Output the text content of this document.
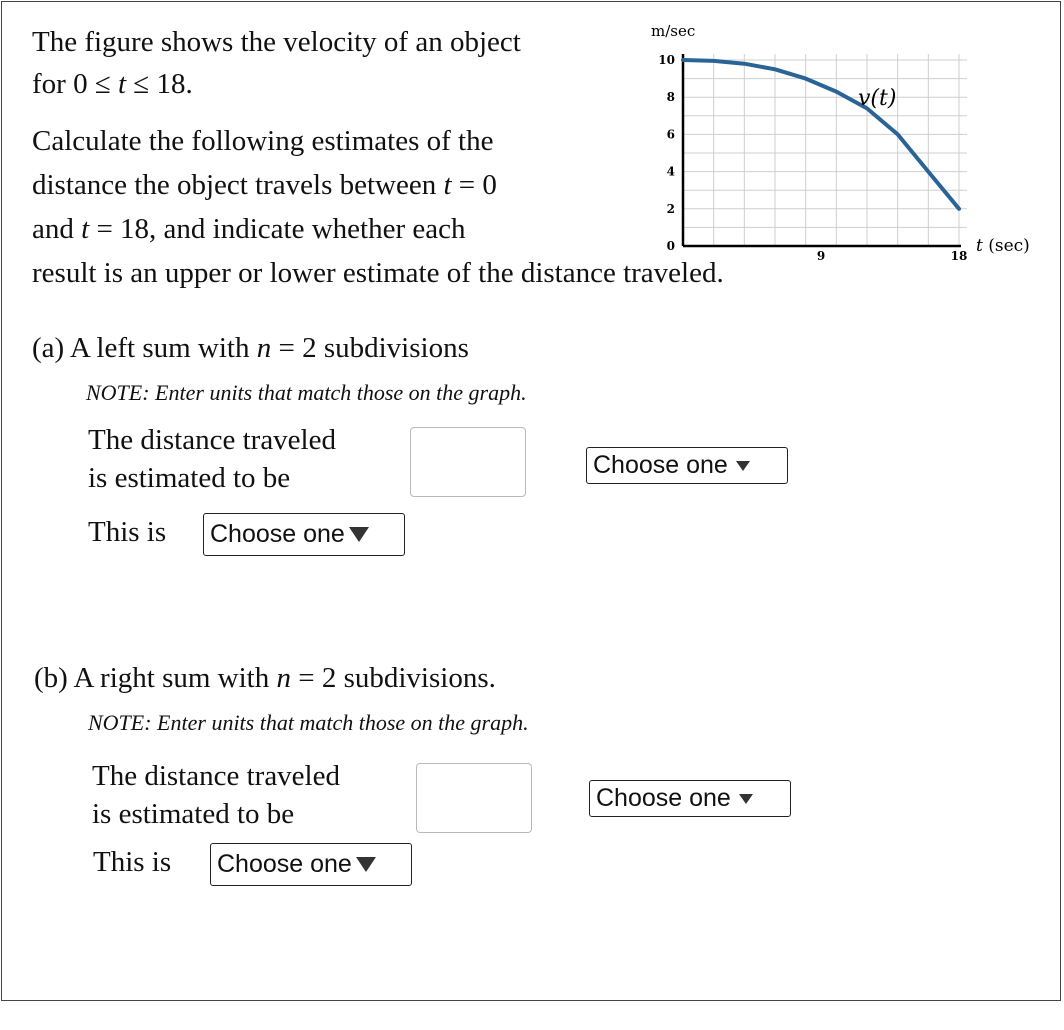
The figure shows the velocity of an object
for 0 ≤ t ≤ 18.
Calculate the following estimates of the
distance the object travels between t = 0
and t = 18, and indicate whether each
result is an upper or lower estimate of the distance traveled.
0
2
4
6
8
10
9	18
m/sec
t (sec)
v(t)
(a) A left sum with n = 2 subdivisions
NOTE: Enter units that match those on the graph.
The distance traveled
is estimated to be	Choose one
This is Choose one
(b) A right sum with n = 2 subdivisions.
NOTE: Enter units that match those on the graph.
The distance traveled
is estimated to be	Choose one
This is Choose one
